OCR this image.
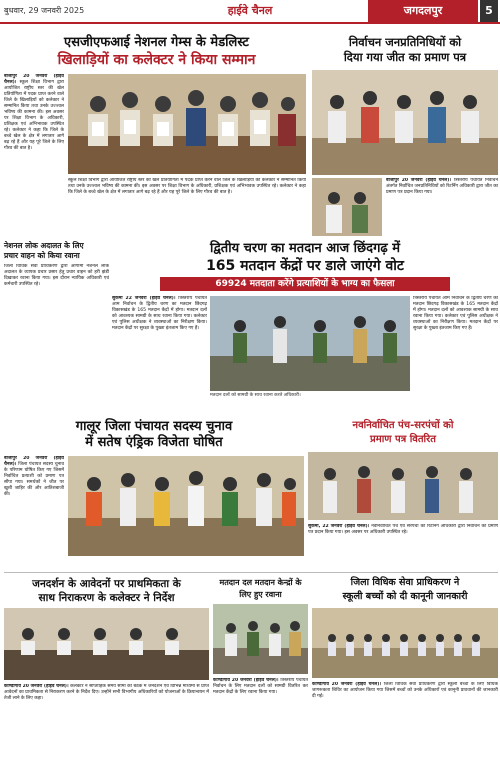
बुधवार, 29 जनवरी 2025	हाईवे चैनल	जगदलपुर	5
एसजीएफआई नेशनल गेम्स के मेडलिस्ट
खिलाड़ियों का कलेक्टर ने किया सम्मान
बीजापुर 20 जनवरी (हाईवे चैनल)। स्कूल शिक्षा विभाग द्वारा आयोजित राष्ट्रीय स्तर की खेल प्रतियोगिता में पदक प्राप्त करने वाले जिले के खिलाड़ियों को कलेक्टर ने सम्मानित किया तथा उनके उज्ज्वल भविष्य की कामना की। इस अवसर पर शिक्षा विभाग के अधिकारी, प्रशिक्षक एवं अभिभावक उपस्थित रहे। कलेक्टर ने कहा कि जिले के बच्चे खेल के क्षेत्र में लगातार आगे बढ़ रहे हैं और यह पूरे जिले के लिए गौरव की बात है।
स्कूल शिक्षा विभाग द्वारा आयोजित राष्ट्रीय स्तर की खेल प्रतियोगिता में पदक प्राप्त करने वाले जिले के खिलाड़ियों को कलेक्टर ने सम्मानित किया तथा उनके उज्ज्वल भविष्य की कामना की। इस अवसर पर शिक्षा विभाग के अधिकारी, प्रशिक्षक एवं अभिभावक उपस्थित रहे। कलेक्टर ने कहा कि जिले के बच्चे खेल के क्षेत्र में लगातार आगे बढ़ रहे हैं और यह पूरे जिले के लिए गौरव की बात है।
निर्वाचन जनप्रतिनिधियों को
दिया गया जीत का प्रमाण पत्र
बीजापुर 20 जनवरी (हाईवे चैनल)। त्रिस्तरीय पंचायत निर्वाचन अंतर्गत निर्वाचित जनप्रतिनिधियों को रिटर्निंग अधिकारी द्वारा जीत का प्रमाण पत्र प्रदान किया गया।
नेशनल लोक अदालत के लिए
प्रचार वाहन को किया रवाना
जिला विधिक सेवा प्राधिकरण द्वारा आगामी नेशनल लोक अदालत के व्यापक प्रचार प्रसार हेतु प्रचार वाहन को हरी झंडी दिखाकर रवाना किया गया। इस दौरान न्यायिक अधिकारी एवं कर्मचारी उपस्थित रहे।
द्वितीय चरण का मतदान आज छिंदगढ़ में
165 मतदान केंद्रों पर डाले जाएंगे वोट
69924 मतदाता करेंगे प्रत्याशियों के भाग्य का फैसला
सुकमा 22 जनवरी (हाईवे चैनल)। त्रिस्तरीय पंचायत आम निर्वाचन के द्वितीय चरण का मतदान छिंदगढ़ विकासखंड के 165 मतदान केंद्रों में होगा। मतदान दलों को आवश्यक सामग्री के साथ रवाना किया गया। कलेक्टर एवं पुलिस अधीक्षक ने व्यवस्थाओं का निरीक्षण किया। मतदान केंद्रों पर सुरक्षा के पुख्ता इंतजाम किए गए हैं।
त्रिस्तरीय पंचायत आम निर्वाचन के द्वितीय चरण का मतदान छिंदगढ़ विकासखंड के 165 मतदान केंद्रों में होगा। मतदान दलों को आवश्यक सामग्री के साथ रवाना किया गया। कलेक्टर एवं पुलिस अधीक्षक ने व्यवस्थाओं का निरीक्षण किया। मतदान केंद्रों पर सुरक्षा के पुख्ता इंतजाम किए गए हैं।
मतदान दलों को सामग्री के साथ रवाना करते अधिकारी।
गालूर जिला पंचायत सदस्य चुनाव
में सतेष एंड्रिक विजेता घोषित
बीजापुर 20 जनवरी (हाईवे चैनल)। जिला पंचायत सदस्य चुनाव के परिणाम घोषित किए गए जिसमें निर्वाचित प्रत्याशी को प्रमाण पत्र सौंपा गया। समर्थकों ने जीत पर खुशी जाहिर की और आतिशबाजी की।
नवनिर्वाचित पंच-सरपंचों को
प्रमाण पत्र वितरित
सुकमा, 22 जनवरी (हाईवे चैनल)। नवनिर्वाचित पंच एवं सरपंचों को रिटर्निंग अधिकारी द्वारा निर्वाचन का प्रमाण पत्र प्रदान किया गया। इस अवसर पर अधिकारी उपस्थित रहे।
जनदर्शन के आवेदनों पर प्राथमिकता के
साथ निराकरण के कलेक्टर ने निर्देश
कोण्डागांव 20 जनवरी (हाईवे चैनल)। कलेक्टर ने साप्ताहिक समय सीमा की बैठक में जनदर्शन एवं विभिन्न माध्यमों से प्राप्त आवेदनों का प्राथमिकता से निराकरण करने के निर्देश दिए। उन्होंने सभी विभागीय अधिकारियों को योजनाओं के क्रियान्वयन में तेजी लाने के लिए कहा।
मतदान दल मतदान केन्द्रों के
लिए हुए रवाना
कोण्डागांव 20 जनवरी (हाईवे चैनल)। त्रिस्तरीय पंचायत निर्वाचन के लिए मतदान दलों को सामग्री वितरित कर मतदान केंद्रों के लिए रवाना किया गया।
जिला विधिक सेवा प्राधिकरण ने
स्कूली बच्चों को दी कानूनी जानकारी
कोण्डागांव 20 जनवरी (हाईवे चैनल)। जिला विधिक सेवा प्राधिकरण द्वारा स्कूली बच्चों के लिए विधिक जागरूकता शिविर का आयोजन किया गया जिसमें बच्चों को उनके अधिकारों एवं कानूनी प्रावधानों की जानकारी दी गई।
